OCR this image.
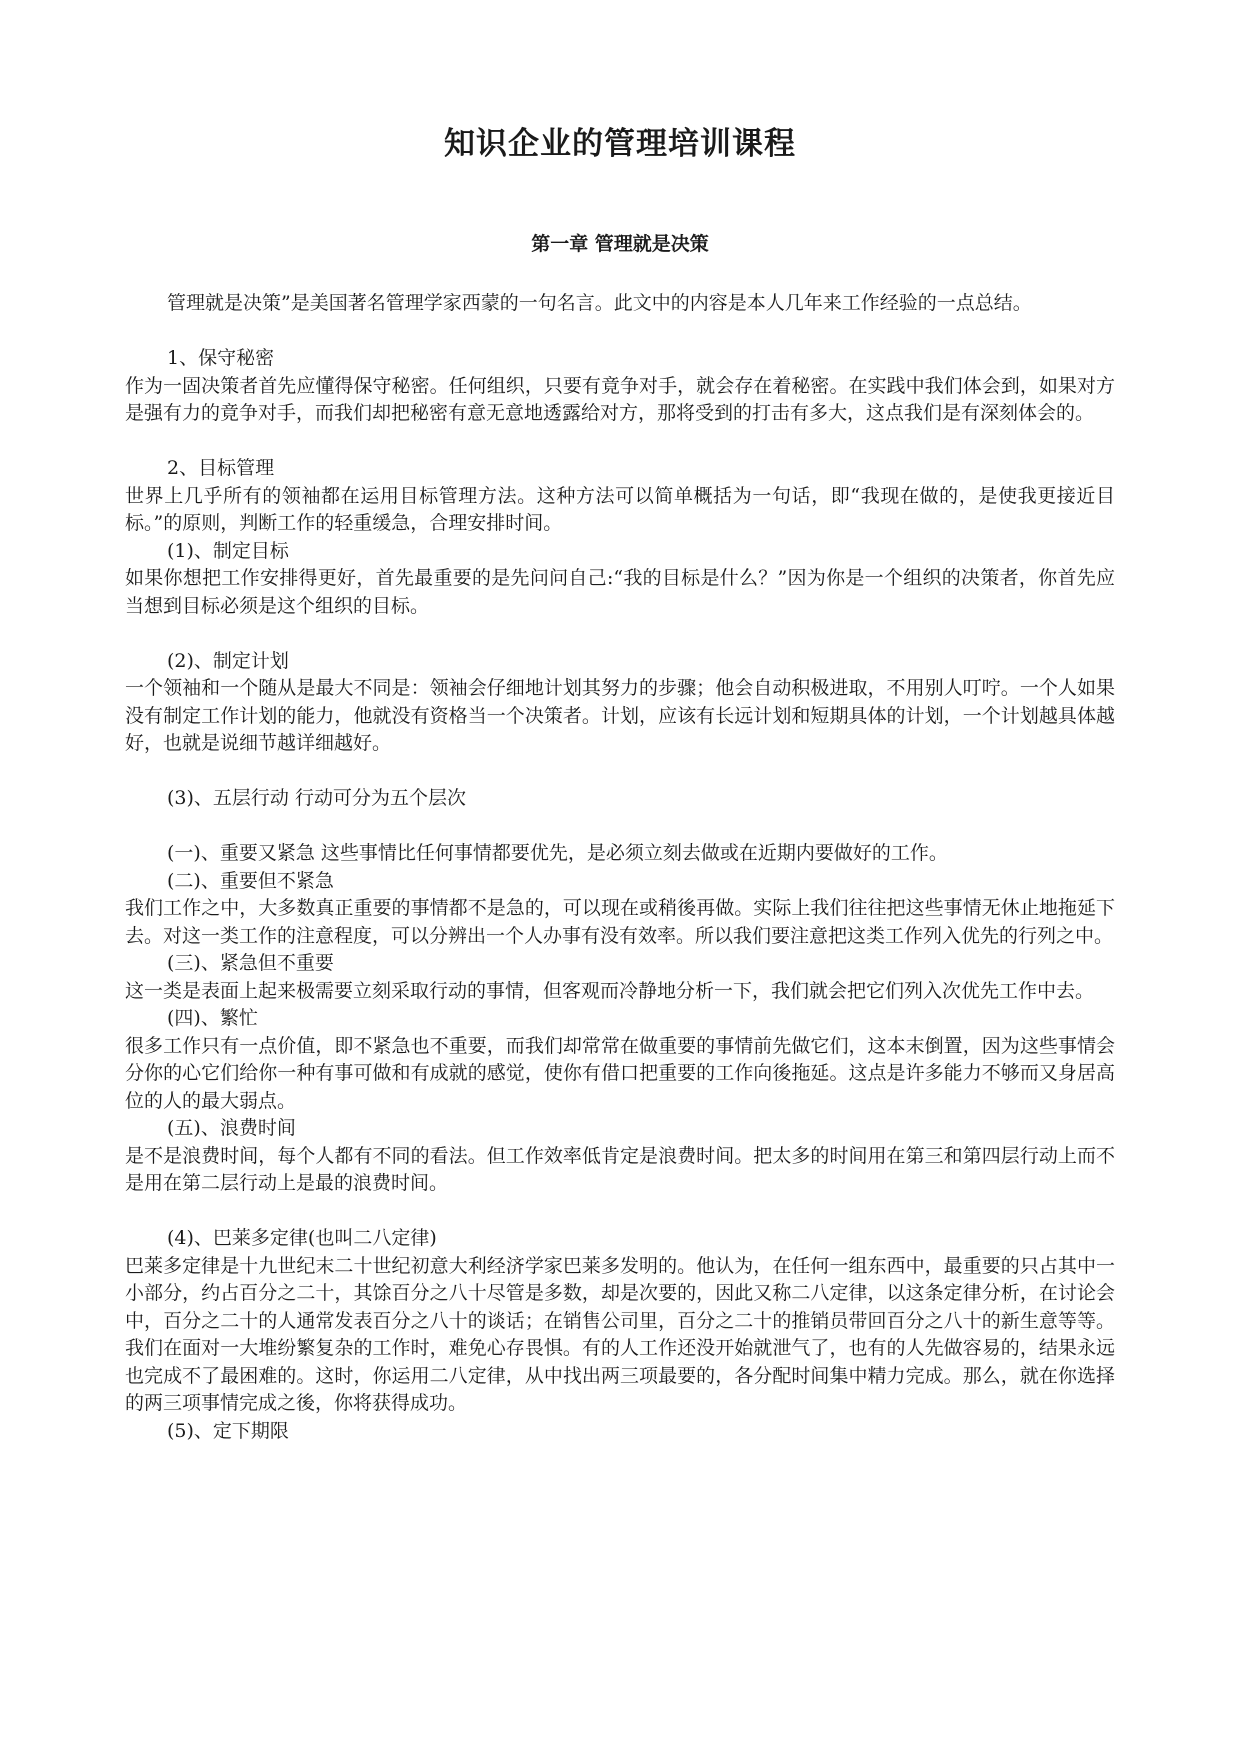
知识企业的管理培训课程
第一章 管理就是决策

管理就是决策”是美国著名管理学家西蒙的一句名言。此文中的内容是本人几年来工作经验的一点总结。

1、保守秘密

作为一固决策者首先应懂得保守秘密。任何组织，只要有竟争对手，就会存在着秘密。在实践中我们体会到，如果对方是强有力的竟争对手，而我们却把秘密有意无意地透露给对方，那将受到的打击有多大，这点我们是有深刻体会的。

2、目标管理

世界上几乎所有的领袖都在运用目标管理方法。这种方法可以简单概括为一句话，即“我现在做的，是使我更接近目标。”的原则，判断工作的轻重缓急，合理安排时间。

(1)、制定目标

如果你想把工作安排得更好，首先最重要的是先问问自己:“我的目标是什么？”因为你是一个组织的决策者，你首先应当想到目标必须是这个组织的目标。

(2)、制定计划

一个领袖和一个随从是最大不同是：领袖会仔细地计划其努力的步骤；他会自动积极进取，不用别人叮咛。一个人如果没有制定工作计划的能力，他就没有资格当一个决策者。计划，应该有长远计划和短期具体的计划，一个计划越具体越好，也就是说细节越详细越好。

(3)、五层行动 行动可分为五个层次

(一)、重要又紧急 这些事情比任何事情都要优先，是必须立刻去做或在近期内要做好的工作。

(二)、重要但不紧急

我们工作之中，大多数真正重要的事情都不是急的，可以现在或稍後再做。实际上我们往往把这些事情无休止地拖延下去。对这一类工作的注意程度，可以分辨出一个人办事有没有效率。所以我们要注意把这类工作列入优先的行列之中。

(三)、紧急但不重要

这一类是表面上起来极需要立刻采取行动的事情，但客观而冷静地分析一下，我们就会把它们列入次优先工作中去。

(四)、繁忙

很多工作只有一点价值，即不紧急也不重要，而我们却常常在做重要的事情前先做它们，这本末倒置，因为这些事情会分你的心它们给你一种有事可做和有成就的感觉，使你有借口把重要的工作向後拖延。这点是许多能力不够而又身居高位的人的最大弱点。

(五)、浪费时间

是不是浪费时间，每个人都有不同的看法。但工作效率低肯定是浪费时间。把太多的时间用在第三和第四层行动上而不是用在第二层行动上是最的浪费时间。

(4)、巴莱多定律(也叫二八定律)

巴莱多定律是十九世纪末二十世纪初意大利经济学家巴莱多发明的。他认为，在任何一组东西中，最重要的只占其中一小部分，约占百分之二十，其馀百分之八十尽管是多数，却是次要的，因此又称二八定律，以这条定律分析，在讨论会中，百分之二十的人通常发表百分之八十的谈话；在销售公司里，百分之二十的推销员带回百分之八十的新生意等等。我们在面对一大堆纷繁复杂的工作时，难免心存畏惧。有的人工作还没开始就泄气了，也有的人先做容易的，结果永远也完成不了最困难的。这时，你运用二八定律，从中找出两三项最要的，各分配时间集中精力完成。那么，就在你选择的两三项事情完成之後，你将获得成功。

(5)、定下期限
